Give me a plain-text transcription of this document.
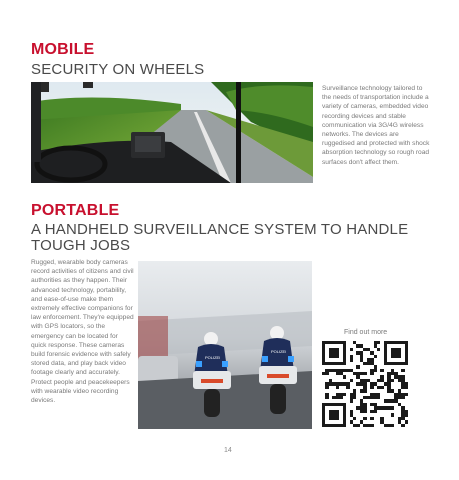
MOBILE
SECURITY ON WHEELS
Surveillance technology tailored to the needs of transportation include a variety of cameras, embedded video recording devices and stable communication via 3G/4G wireless networks. The devices are ruggedised and protected with shock absorption technology so rough road surfaces don't affect them.
PORTABLE
A HANDHELD SURVEILLANCE SYSTEM TO HANDLE
TOUGH JOBS
Rugged, wearable body cameras record activities of citizens and civil authorities as they happen. Their advanced technology, portability, and ease-of-use make them extremely effective companions for law enforcement. They're equipped with GPS locators, so the emergency can be located for quick response. These cameras build forensic evidence with safely stored data, and play back video footage clearly and accurately. Protect people and peacekeepers with wearable video recording devices.
POLIZEI
POLIZEI
Find out more
14
